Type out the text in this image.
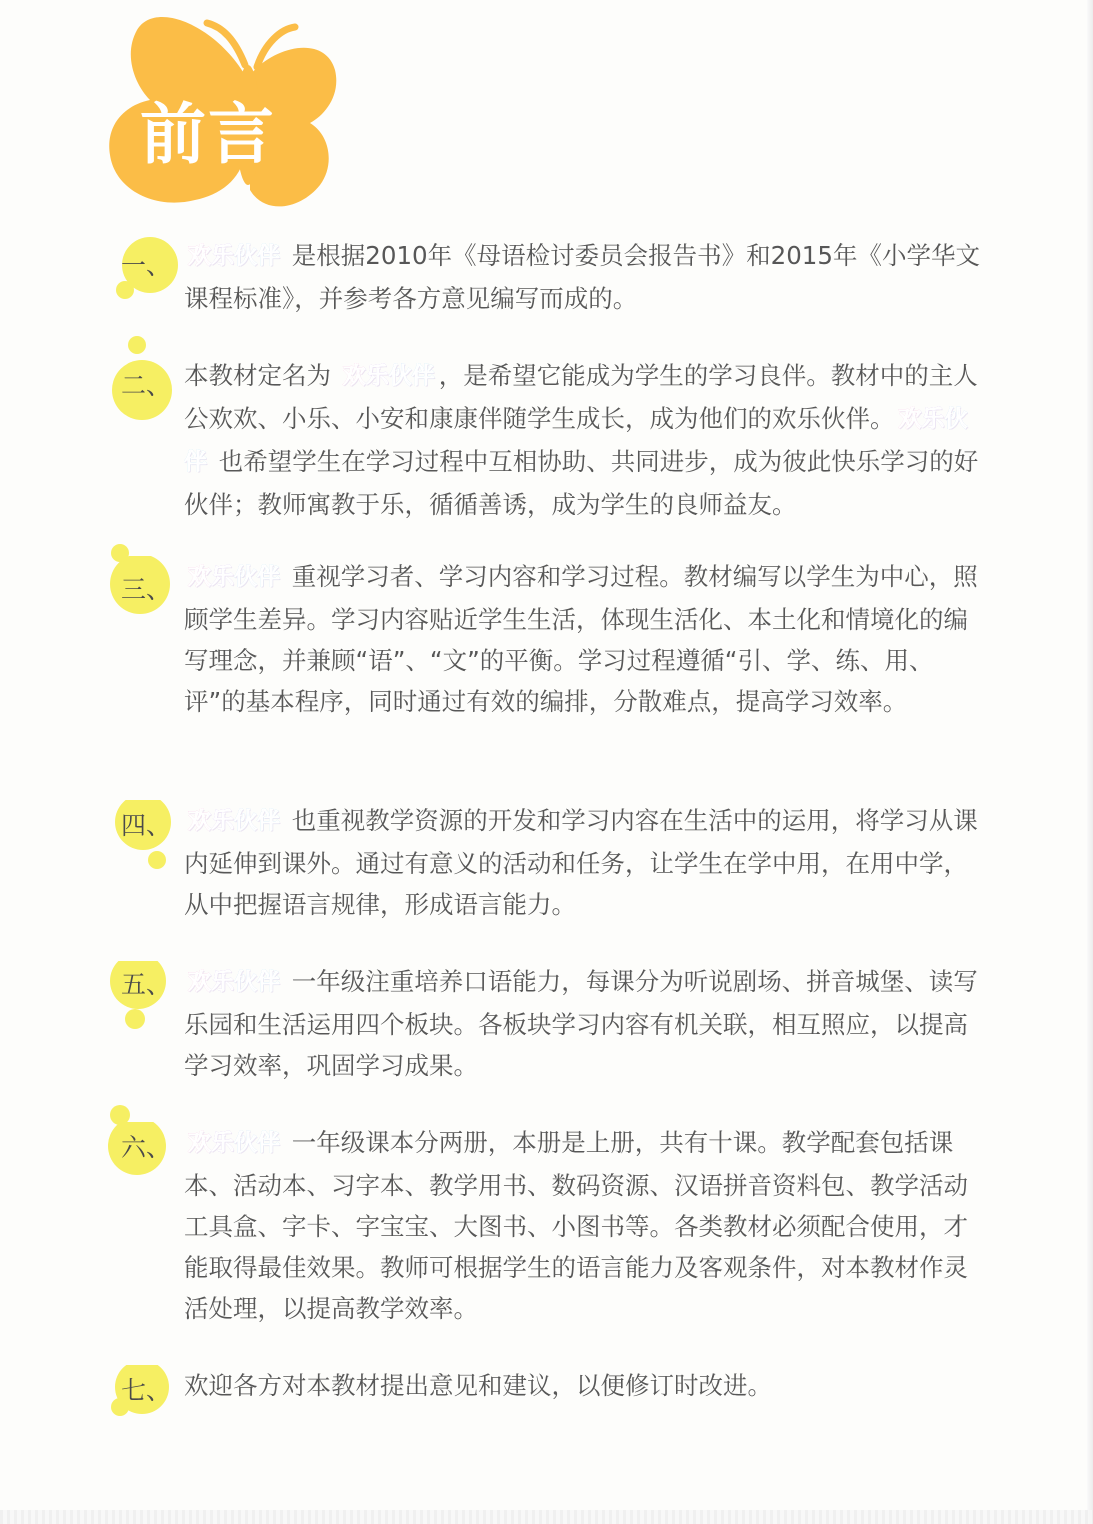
前言
一、 欢乐伙伴 是根据2010年《母语检讨委员会报告书》和2015年《小学华文课程标准》，并参考各方意见编写而成的。

二、 本教材定名为 欢乐伙伴 ，是希望它能成为学生的学习良伴。教材中的主人公欢欢、小乐、小安和康康伴随学生成长，成为他们的欢乐伙伴。 欢乐伙伴 也希望学生在学习过程中互相协助、共同进步，成为彼此快乐学习的好伙伴；教师寓教于乐，循循善诱，成为学生的良师益友。

三、 欢乐伙伴 重视学习者、学习内容和学习过程。教材编写以学生为中心，照顾学生差异。学习内容贴近学生生活，体现生活化、本土化和情境化的编写理念，并兼顾“语”、“文”的平衡。学习过程遵循“引、学、练、用、评”的基本程序，同时通过有效的编排，分散难点，提高学习效率。

四、 欢乐伙伴 也重视教学资源的开发和学习内容在生活中的运用，将学习从课内延伸到课外。通过有意义的活动和任务，让学生在学中用，在用中学，从中把握语言规律，形成语言能力。

五、 欢乐伙伴 一年级注重培养口语能力，每课分为听说剧场、拼音城堡、读写乐园和生活运用四个板块。各板块学习内容有机关联，相互照应，以提高学习效率，巩固学习成果。

六、 欢乐伙伴 一年级课本分两册，本册是上册，共有十课。教学配套包括课本、活动本、习字本、教学用书、数码资源、汉语拼音资料包、教学活动工具盒、字卡、字宝宝、大图书、小图书等。各类教材必须配合使用，才能取得最佳效果。教师可根据学生的语言能力及客观条件，对本教材作灵活处理，以提高教学效率。

七、 欢迎各方对本教材提出意见和建议，以便修订时改进。
